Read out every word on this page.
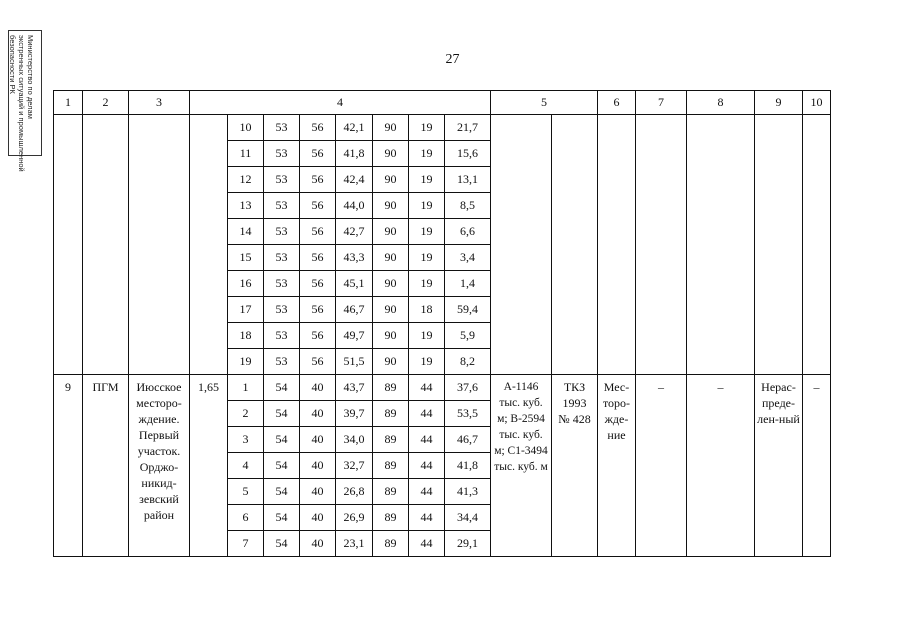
Министерство по делам
экстренных ситуаций и промышленной
безопасности РК	27
1	2	3	4								5		6	7	8	9	10
				10	53	56	42,1	90	19	21,7							
				11	53	56	41,8	90	19	15,6							
				12	53	56	42,4	90	19	13,1							
				13	53	56	44,0	90	19	8,5							
				14	53	56	42,7	90	19	6,6							
				15	53	56	43,3	90	19	3,4							
				16	53	56	45,1	90	19	1,4							
				17	53	56	46,7	90	18	59,4							
				18	53	56	49,7	90	19	5,9							
				19	53	56	51,5	90	19	8,2							
9	ПГМ	Июсское месторо-ждение. Первый участок. Орджо-никид-зевский район	1,65	1	54	40	43,7	89	44	37,6	А-1146 тыс. куб. м; В-2594 тыс. куб. м; С1-3494 тыс. куб. м	ТКЗ 1993 № 428	Мес-торо-жде-ние	–	–	Нерас-преде-лен-ный	–
				2	54	40	39,7	89	44	53,5							
				3	54	40	34,0	89	44	46,7							
				4	54	40	32,7	89	44	41,8							
				5	54	40	26,8	89	44	41,3							
				6	54	40	26,9	89	44	34,4							
				7	54	40	23,1	89	44	29,1							
